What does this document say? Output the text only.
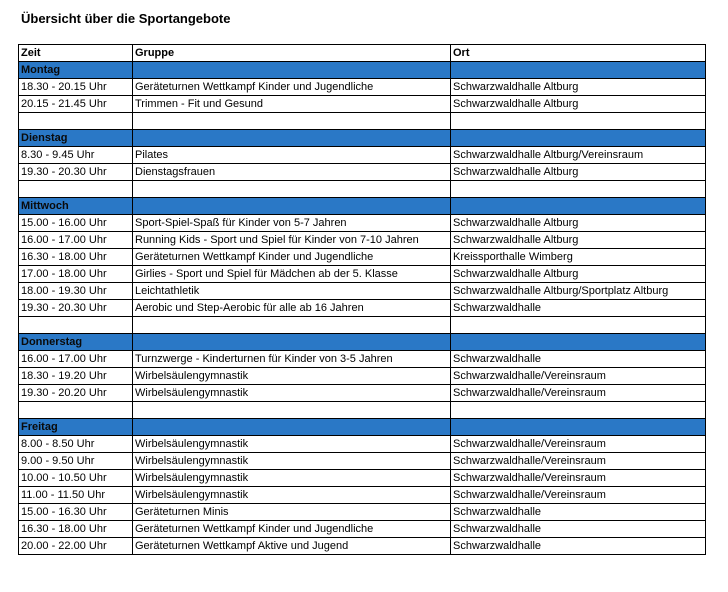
Übersicht über die Sportangebote
Zeit	Gruppe	Ort
Montag		
18.30 - 20.15 Uhr	Geräteturnen Wettkampf Kinder und Jugendliche	Schwarzwaldhalle Altburg
20.15 - 21.45 Uhr	Trimmen - Fit und Gesund	Schwarzwaldhalle Altburg

Dienstag		
8.30 - 9.45 Uhr	Pilates	Schwarzwaldhalle Altburg/Vereinsraum
19.30 - 20.30 Uhr	Dienstagsfrauen	Schwarzwaldhalle Altburg

Mittwoch		
15.00 - 16.00 Uhr	Sport-Spiel-Spaß für Kinder von 5-7 Jahren	Schwarzwaldhalle Altburg
16.00 - 17.00 Uhr	Running Kids - Sport und Spiel für Kinder von 7-10 Jahren	Schwarzwaldhalle Altburg
16.30 - 18.00 Uhr	Geräteturnen Wettkampf Kinder und Jugendliche	Kreissporthalle Wimberg
17.00 - 18.00 Uhr	Girlies - Sport und Spiel für Mädchen ab der 5. Klasse	Schwarzwaldhalle Altburg
18.00 - 19.30 Uhr	Leichtathletik	Schwarzwaldhalle Altburg/Sportplatz Altburg
19.30 - 20.30 Uhr	Aerobic und Step-Aerobic für alle ab 16 Jahren	Schwarzwaldhalle

Donnerstag		
16.00 - 17.00 Uhr	Turnzwerge - Kinderturnen für Kinder von 3-5 Jahren	Schwarzwaldhalle
18.30 - 19.20 Uhr	Wirbelsäulengymnastik	Schwarzwaldhalle/Vereinsraum
19.30 - 20.20 Uhr	Wirbelsäulengymnastik	Schwarzwaldhalle/Vereinsraum

Freitag		
8.00 - 8.50 Uhr	Wirbelsäulengymnastik	Schwarzwaldhalle/Vereinsraum
9.00 - 9.50 Uhr	Wirbelsäulengymnastik	Schwarzwaldhalle/Vereinsraum
10.00 - 10.50 Uhr	Wirbelsäulengymnastik	Schwarzwaldhalle/Vereinsraum
11.00 - 11.50 Uhr	Wirbelsäulengymnastik	Schwarzwaldhalle/Vereinsraum
15.00 - 16.30 Uhr	Geräteturnen Minis	Schwarzwaldhalle
16.30 - 18.00 Uhr	Geräteturnen Wettkampf Kinder und Jugendliche	Schwarzwaldhalle
20.00 - 22.00 Uhr	Geräteturnen Wettkampf Aktive und Jugend	Schwarzwaldhalle
